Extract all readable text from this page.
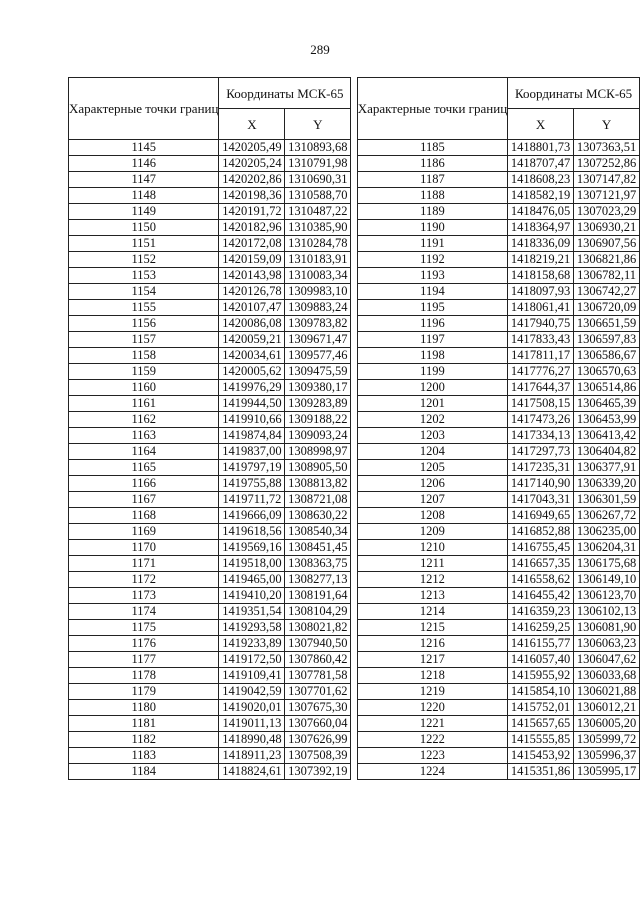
289
Характерные точки границ	Координаты МСК-65	
	X	Y
1145	1420205,49	1310893,68
1146	1420205,24	1310791,98
1147	1420202,86	1310690,31
1148	1420198,36	1310588,70
1149	1420191,72	1310487,22
1150	1420182,96	1310385,90
1151	1420172,08	1310284,78
1152	1420159,09	1310183,91
1153	1420143,98	1310083,34
1154	1420126,78	1309983,10
1155	1420107,47	1309883,24
1156	1420086,08	1309783,82
1157	1420059,21	1309671,47
1158	1420034,61	1309577,46
1159	1420005,62	1309475,59
1160	1419976,29	1309380,17
1161	1419944,50	1309283,89
1162	1419910,66	1309188,22
1163	1419874,84	1309093,24
1164	1419837,00	1308998,97
1165	1419797,19	1308905,50
1166	1419755,88	1308813,82
1167	1419711,72	1308721,08
1168	1419666,09	1308630,22
1169	1419618,56	1308540,34
1170	1419569,16	1308451,45
1171	1419518,00	1308363,75
1172	1419465,00	1308277,13
1173	1419410,20	1308191,64
1174	1419351,54	1308104,29
1175	1419293,58	1308021,82
1176	1419233,89	1307940,50
1177	1419172,50	1307860,42
1178	1419109,41	1307781,58
1179	1419042,59	1307701,62
1180	1419020,01	1307675,30
1181	1419011,13	1307660,04
1182	1418990,48	1307626,99
1183	1418911,23	1307508,39
1184	1418824,61	1307392,19
Характерные точки границ	Координаты МСК-65	
	X	Y
1185	1418801,73	1307363,51
1186	1418707,47	1307252,86
1187	1418608,23	1307147,82
1188	1418582,19	1307121,97
1189	1418476,05	1307023,29
1190	1418364,97	1306930,21
1191	1418336,09	1306907,56
1192	1418219,21	1306821,86
1193	1418158,68	1306782,11
1194	1418097,93	1306742,27
1195	1418061,41	1306720,09
1196	1417940,75	1306651,59
1197	1417833,43	1306597,83
1198	1417811,17	1306586,67
1199	1417776,27	1306570,63
1200	1417644,37	1306514,86
1201	1417508,15	1306465,39
1202	1417473,26	1306453,99
1203	1417334,13	1306413,42
1204	1417297,73	1306404,82
1205	1417235,31	1306377,91
1206	1417140,90	1306339,20
1207	1417043,31	1306301,59
1208	1416949,65	1306267,72
1209	1416852,88	1306235,00
1210	1416755,45	1306204,31
1211	1416657,35	1306175,68
1212	1416558,62	1306149,10
1213	1416455,42	1306123,70
1214	1416359,23	1306102,13
1215	1416259,25	1306081,90
1216	1416155,77	1306063,23
1217	1416057,40	1306047,62
1218	1415955,92	1306033,68
1219	1415854,10	1306021,88
1220	1415752,01	1306012,21
1221	1415657,65	1306005,20
1222	1415555,85	1305999,72
1223	1415453,92	1305996,37
1224	1415351,86	1305995,17
